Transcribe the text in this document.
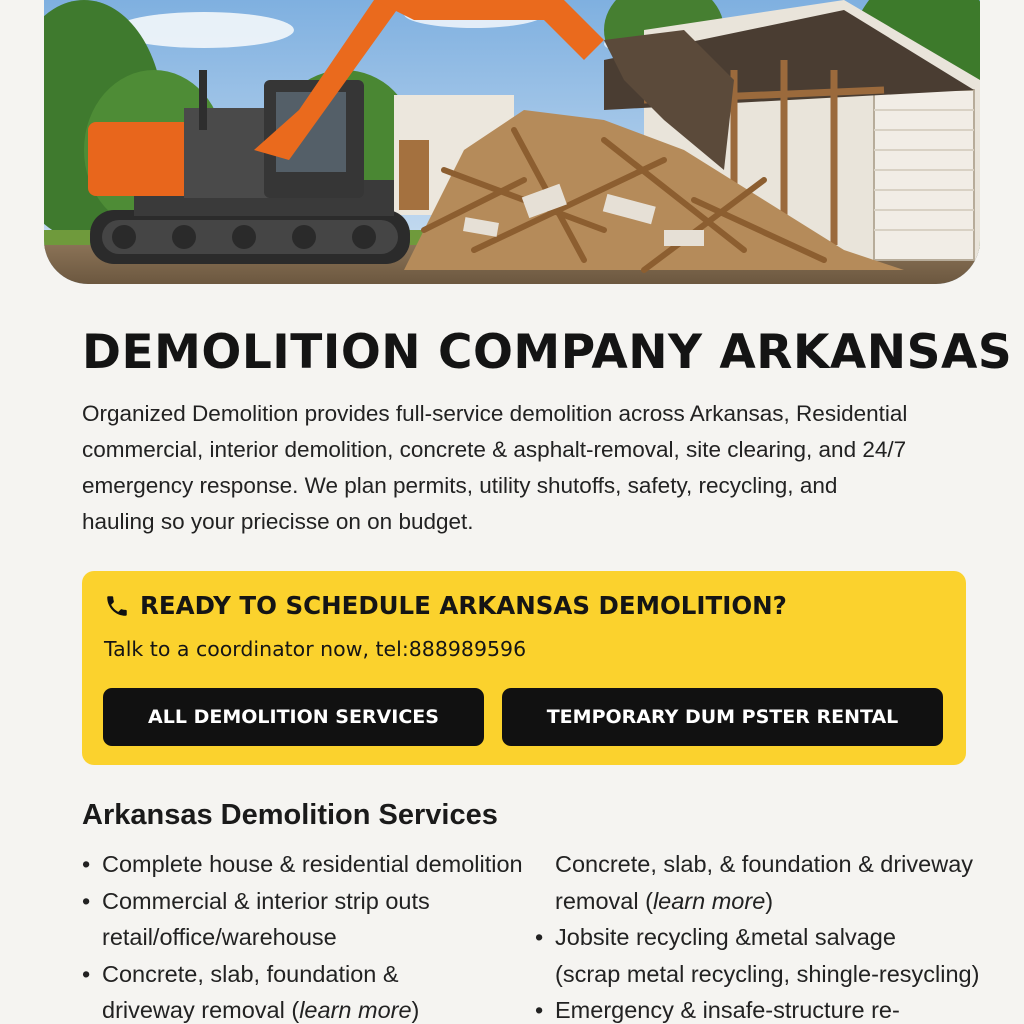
DEMOLITION COMPANY ARKANSAS

Organized Demolition provides full-service demolition across Arkansas, Residential
commercial, interior demolition, concrete & asphalt-removal, site clearing, and 24/7
emergency response. We plan permits, utility shutoffs, safety, recycling, and
hauling so your priecisse on on budget.

READY TO SCHEDULE ARKANSAS DEMOLITION?
Talk to a coordinator now, tel:888989596
ALL DEMOLITION SERVICES	TEMPORARY DUM PSTER RENTAL
Arkansas Demolition Services
• Complete house & residential demolition
• Commercial & interior strip outs
retail/office/warehouse
• Concrete, slab, foundation &
driveway removal (learn more)
Concrete, slab, & foundation & driveway
removal (learn more)
• Jobsite recycling &metal salvage
(scrap metal recycling, shingle-resycling)
• Emergency & insafe-structure re-
